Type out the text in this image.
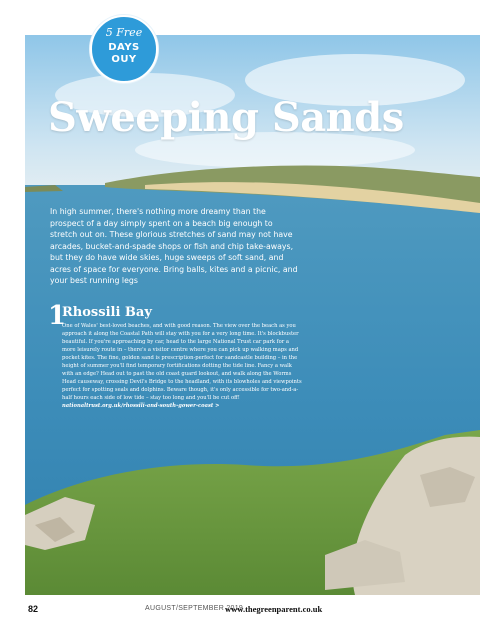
5 Free
DAYS
OUY
Sweeping Sands

In high summer, there's nothing more dreamy than the prospect of a day simply spent on a beach big enough to stretch out on. These glorious stretches of sand may not have arcades, bucket-and-spade shops or fish and chip take-aways, but they do have wide skies, huge sweeps of soft sand, and acres of space for everyone. Bring balls, kites and a picnic, and your best running legs

1
Rhossili Bay

One of Wales' best-loved beaches, and with good reason. The view over the beach as you approach it along the Coastal Path will stay with you for a very long time. It's blockbuster beautiful. If you're approaching by car, head to the large National Trust car park for a more leisurely route in – there's a visitor centre where you can pick up walking maps and pocket kites. The fine, golden sand is prescription-perfect for sandcastle building – in the height of summer you'll find temporary fortifications dotting the tide line. Fancy a walk with an edge? Head out to past the old coast guard lookout, and walk along the Worms Head causeway, crossing Devil's Bridge to the headland, with its blowholes and viewpoints perfect for spotting seals and dolphins. Beware though, it's only accessible for two-and-a-half hours each side of low tide – stay too long and you'll be cut off! nationaltrust.org.uk/rhossili-and-south-gower-coast >

82	AUGUST/SEPTEMBER 2019
www.thegreenparent.co.uk
